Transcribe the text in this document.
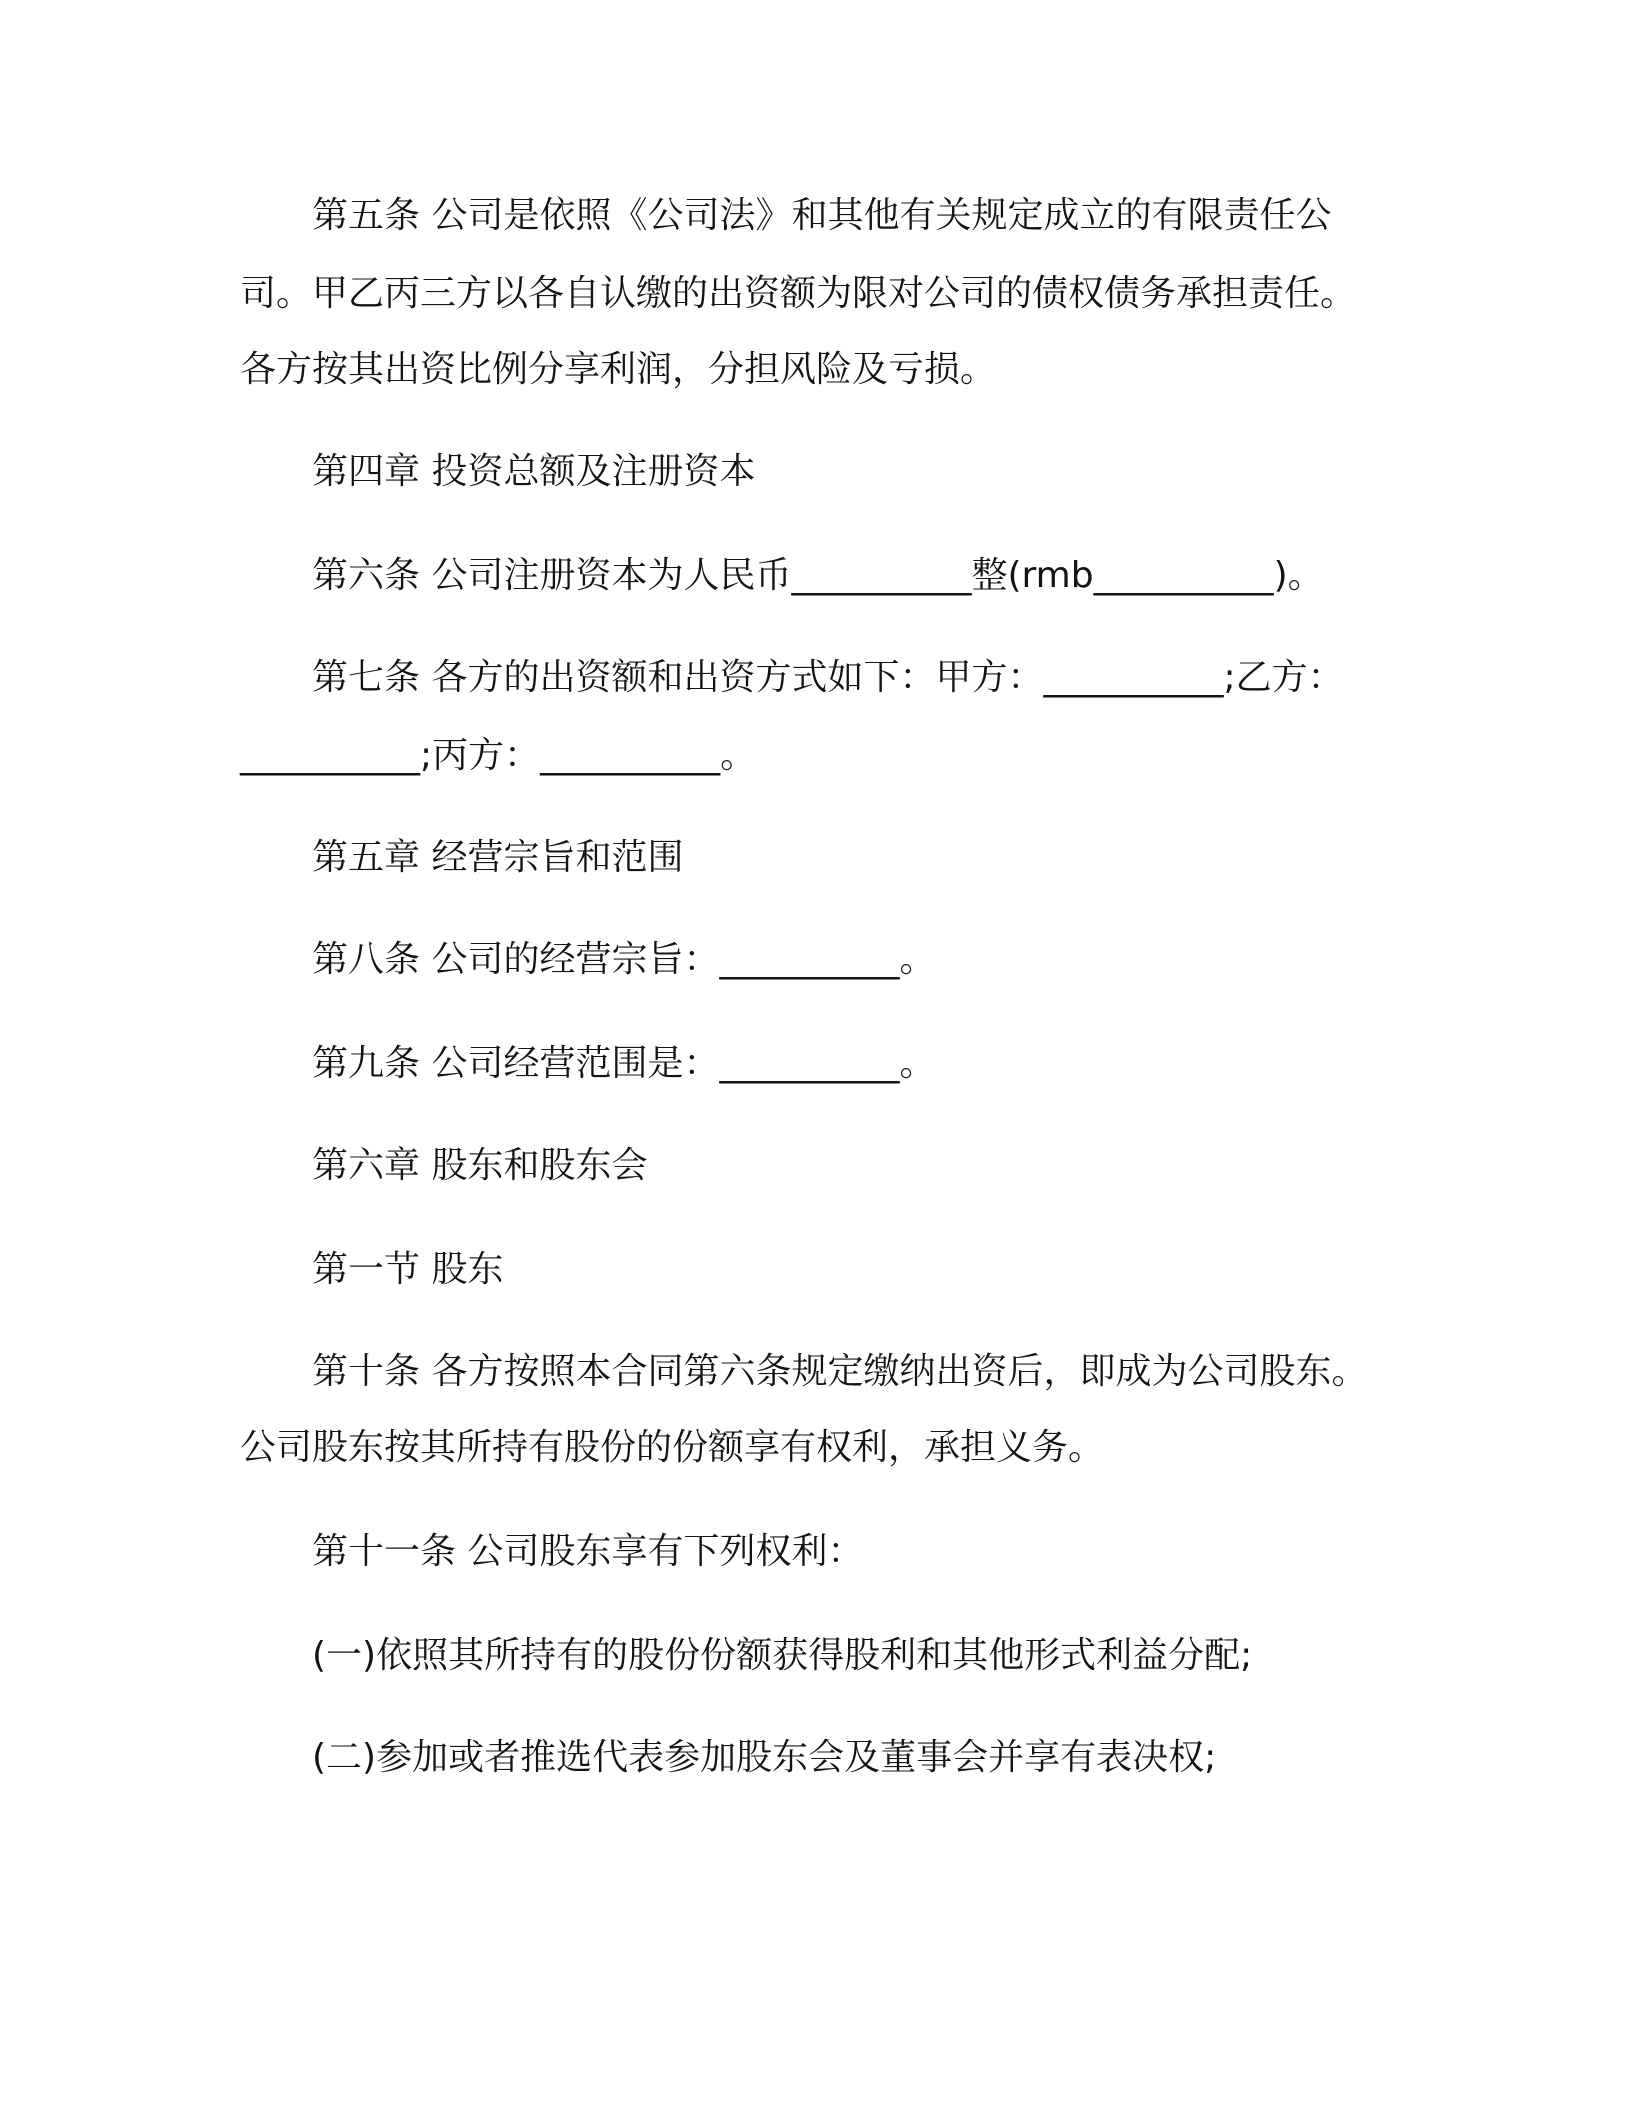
第五条 公司是依照《公司法》和其他有关规定成立的有限责任公
司。甲乙丙三方以各自认缴的出资额为限对公司的债权债务承担责任。
各方按其出资比例分享利润，分担风险及亏损。
第四章 投资总额及注册资本
第六条 公司注册资本为人民币__________整(rmb__________)。
第七条 各方的出资额和出资方式如下：甲方：__________;乙方：
__________;丙方：__________。
第五章 经营宗旨和范围
第八条 公司的经营宗旨：__________。
第九条 公司经营范围是：__________。
第六章 股东和股东会
第一节 股东
第十条 各方按照本合同第六条规定缴纳出资后，即成为公司股东。
公司股东按其所持有股份的份额享有权利，承担义务。
第十一条 公司股东享有下列权利：
(一)依照其所持有的股份份额获得股利和其他形式利益分配;
(二)参加或者推选代表参加股东会及董事会并享有表决权;
